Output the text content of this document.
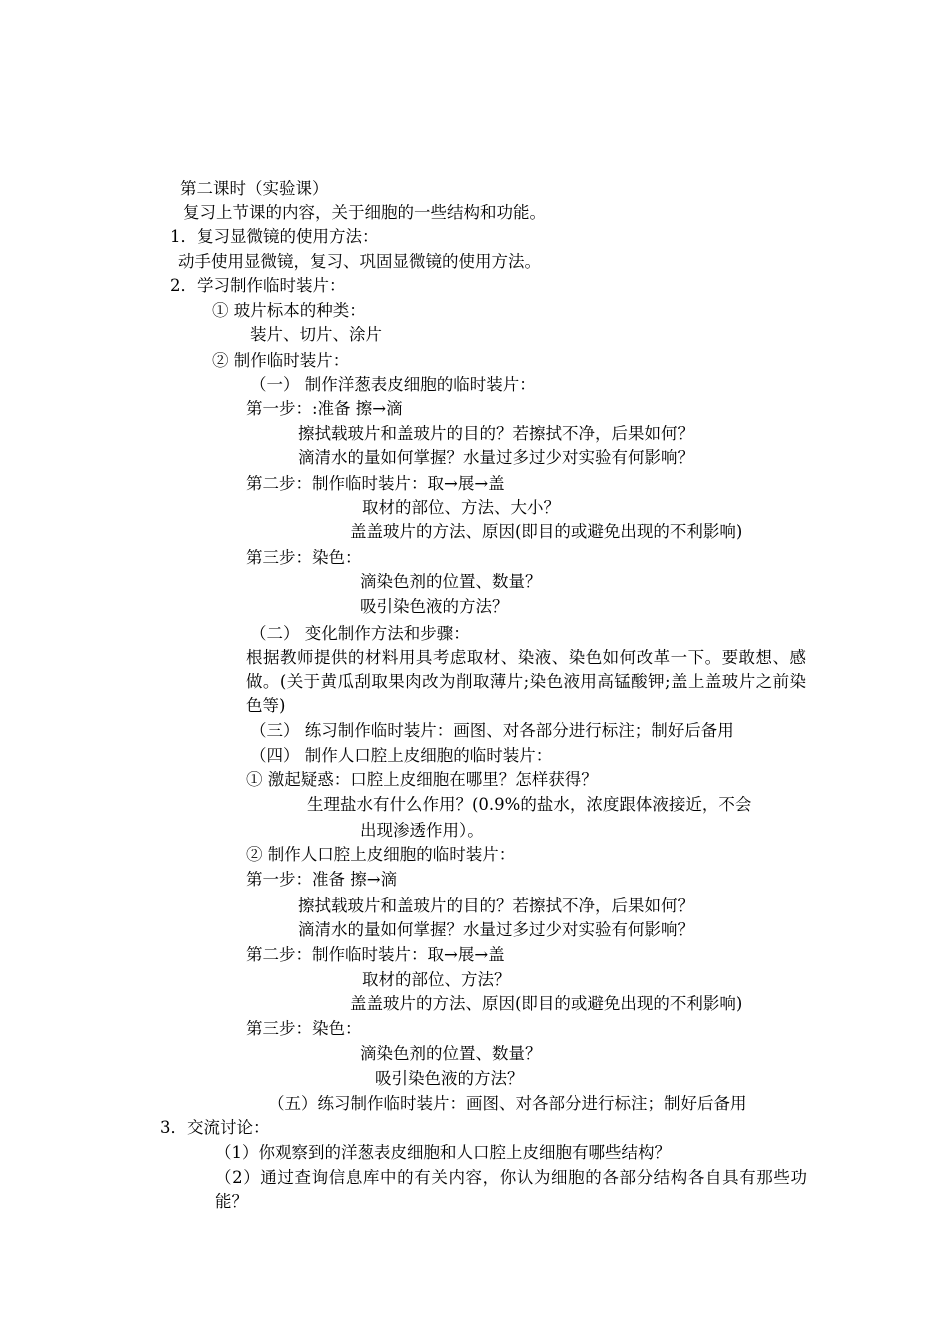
第二课时（实验课）
复习上节课的内容，关于细胞的一些结构和功能。
1．复习显微镜的使用方法：
动手使用显微镜，复习、巩固显微镜的使用方法。
2．学习制作临时装片：
① 玻片标本的种类：
装片、切片、涂片
② 制作临时装片：
（一） 制作洋葱表皮细胞的临时装片：
第一步：:准备 擦→滴
擦拭载玻片和盖玻片的目的？若擦拭不净，后果如何？
滴清水的量如何掌握？水量过多过少对实验有何影响？
第二步：制作临时装片：取→展→盖
取材的部位、方法、大小？
盖盖玻片的方法、原因(即目的或避免出现的不利影响)
第三步：染色：
滴染色剂的位置、数量？
吸引染色液的方法？
（二） 变化制作方法和步骤：
根据教师提供的材料用具考虑取材、染液、染色如何改革一下。要敢想、感做。(关于黄瓜刮取果肉改为削取薄片;染色液用高锰酸钾;盖上盖玻片之前染色等)
（三） 练习制作临时装片：画图、对各部分进行标注；制好后备用
（四） 制作人口腔上皮细胞的临时装片：
① 激起疑惑：口腔上皮细胞在哪里？怎样获得？
生理盐水有什么作用？(0.9%的盐水，浓度跟体液接近，不会
出现渗透作用）。
② 制作人口腔上皮细胞的临时装片：
第一步：准备 擦→滴
擦拭载玻片和盖玻片的目的？若擦拭不净，后果如何？
滴清水的量如何掌握？水量过多过少对实验有何影响？
第二步：制作临时装片：取→展→盖
取材的部位、方法？
盖盖玻片的方法、原因(即目的或避免出现的不利影响)
第三步：染色：
滴染色剂的位置、数量？
吸引染色液的方法？
（五）练习制作临时装片：画图、对各部分进行标注；制好后备用
3．交流讨论：
（1）你观察到的洋葱表皮细胞和人口腔上皮细胞有哪些结构？
（2）通过查询信息库中的有关内容，你认为细胞的各部分结构各自具有那些功能？
